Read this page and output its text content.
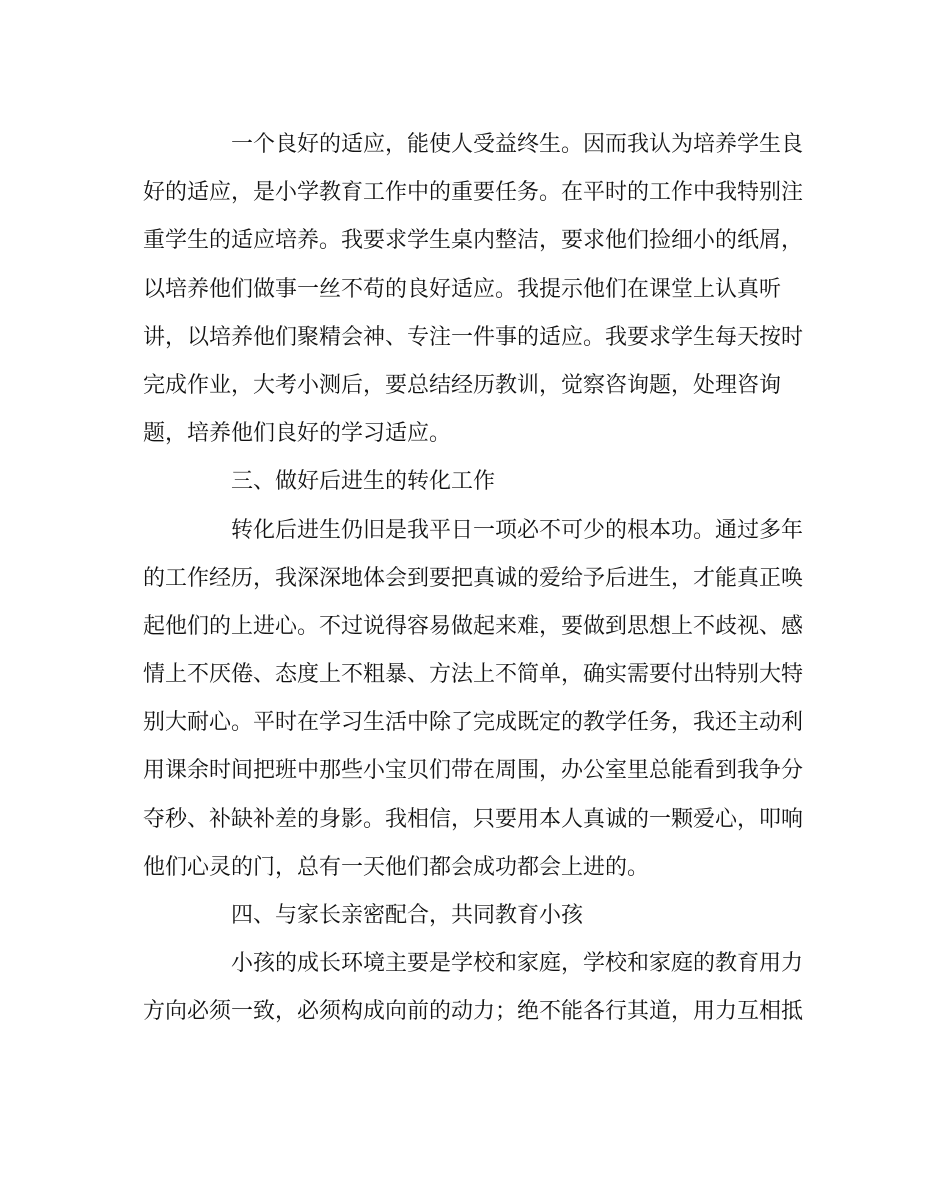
一个良好的适应，能使人受益终生。因而我认为培养学生良
好的适应，是小学教育工作中的重要任务。在平时的工作中我特别注
重学生的适应培养。我要求学生桌内整洁，要求他们捡细小的纸屑，
以培养他们做事一丝不苟的良好适应。我提示他们在课堂上认真听
讲，以培养他们聚精会神、专注一件事的适应。我要求学生每天按时
完成作业，大考小测后，要总结经历教训，觉察咨询题，处理咨询
题，培养他们良好的学习适应。
三、做好后进生的转化工作
转化后进生仍旧是我平日一项必不可少的根本功。通过多年
的工作经历，我深深地体会到要把真诚的爱给予后进生，才能真正唤
起他们的上进心。不过说得容易做起来难，要做到思想上不歧视、感
情上不厌倦、态度上不粗暴、方法上不简单，确实需要付出特别大特
别大耐心。平时在学习生活中除了完成既定的教学任务，我还主动利
用课余时间把班中那些小宝贝们带在周围，办公室里总能看到我争分
夺秒、补缺补差的身影。我相信，只要用本人真诚的一颗爱心，叩响
他们心灵的门，总有一天他们都会成功都会上进的。
四、与家长亲密配合，共同教育小孩
小孩的成长环境主要是学校和家庭，学校和家庭的教育用力
方向必须一致，必须构成向前的动力；绝不能各行其道，用力互相抵
